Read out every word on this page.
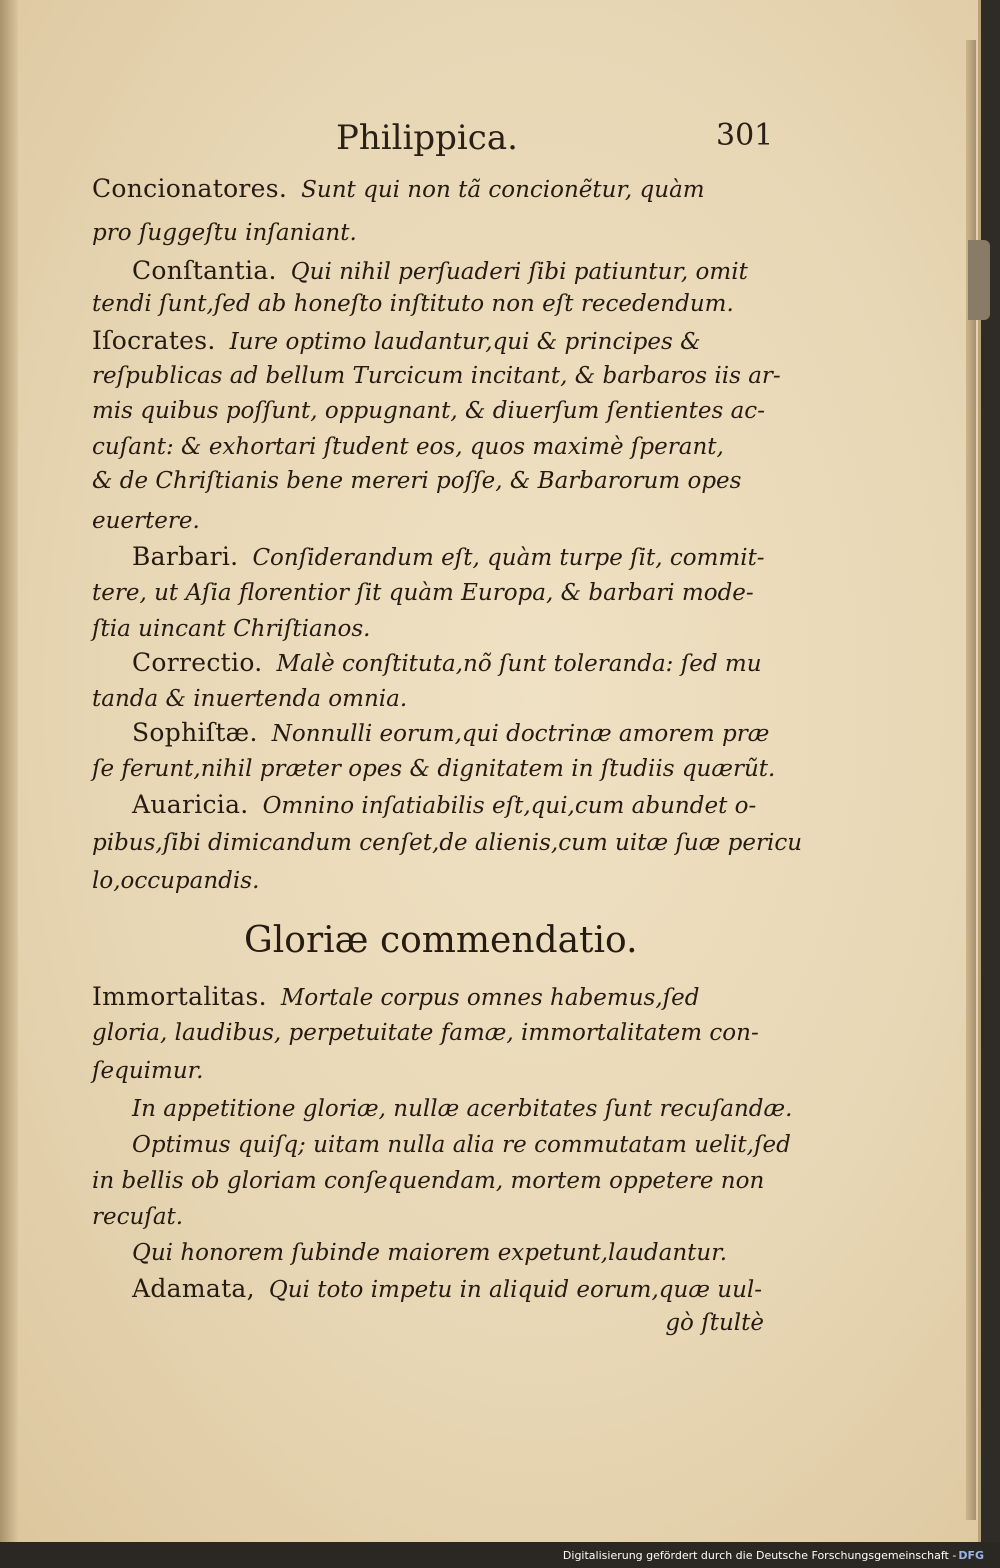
Philippica.	301
Concionatores. Sunt qui non tã concionẽtur, quàm
pro ſuggeſtu inſaniant.
Conſtantia. Qui nihil perſuaderi ſibi patiuntur, omit
tendi ſunt,ſed ab honeſto inſtituto non eſt recedendum.
Iſocrates. Iure optimo laudantur,qui & principes &
reſpublicas ad bellum Turcicum incitant, & barbaros iis ar-
mis quibus poſſunt, oppugnant, & diuerſum ſentientes ac-
cuſant: & exhortari ſtudent eos, quos maximè ſperant,
& de Chriſtianis bene mereri poſſe, & Barbarorum opes
euertere.
Barbari. Conſiderandum eſt, quàm turpe ſit, commit-
tere, ut Aſia florentior ſit quàm Europa, & barbari mode-
ſtia uincant Chriſtianos.
Correctio. Malè conſtituta,nõ ſunt toleranda: ſed mu
tanda & inuertenda omnia.
Sophiſtæ. Nonnulli eorum,qui doctrinæ amorem præ
ſe ferunt,nihil præter opes & dignitatem in ſtudiis quærũt.
Auaricia. Omnino inſatiabilis eſt,qui,cum abundet o-
pibus,ſibi dimicandum cenſet,de alienis,cum uitæ ſuæ pericu
lo,occupandis.
Gloriæ commendatio.
Immortalitas. Mortale corpus omnes habemus,ſed
gloria, laudibus, perpetuitate famæ, immortalitatem con-
ſequimur.
In appetitione gloriæ, nullæ acerbitates ſunt recuſandæ.
Optimus quiſq; uitam nulla alia re commutatam uelit,ſed
in bellis ob gloriam conſequendam, mortem oppetere non
recuſat.
Qui honorem ſubinde maiorem expetunt,laudantur.
Adamata, Qui toto impetu in aliquid eorum,quæ uul-
gò ſtultè
Digitalisierung gefördert durch die Deutsche Forschungsgemeinschaft - DFG
